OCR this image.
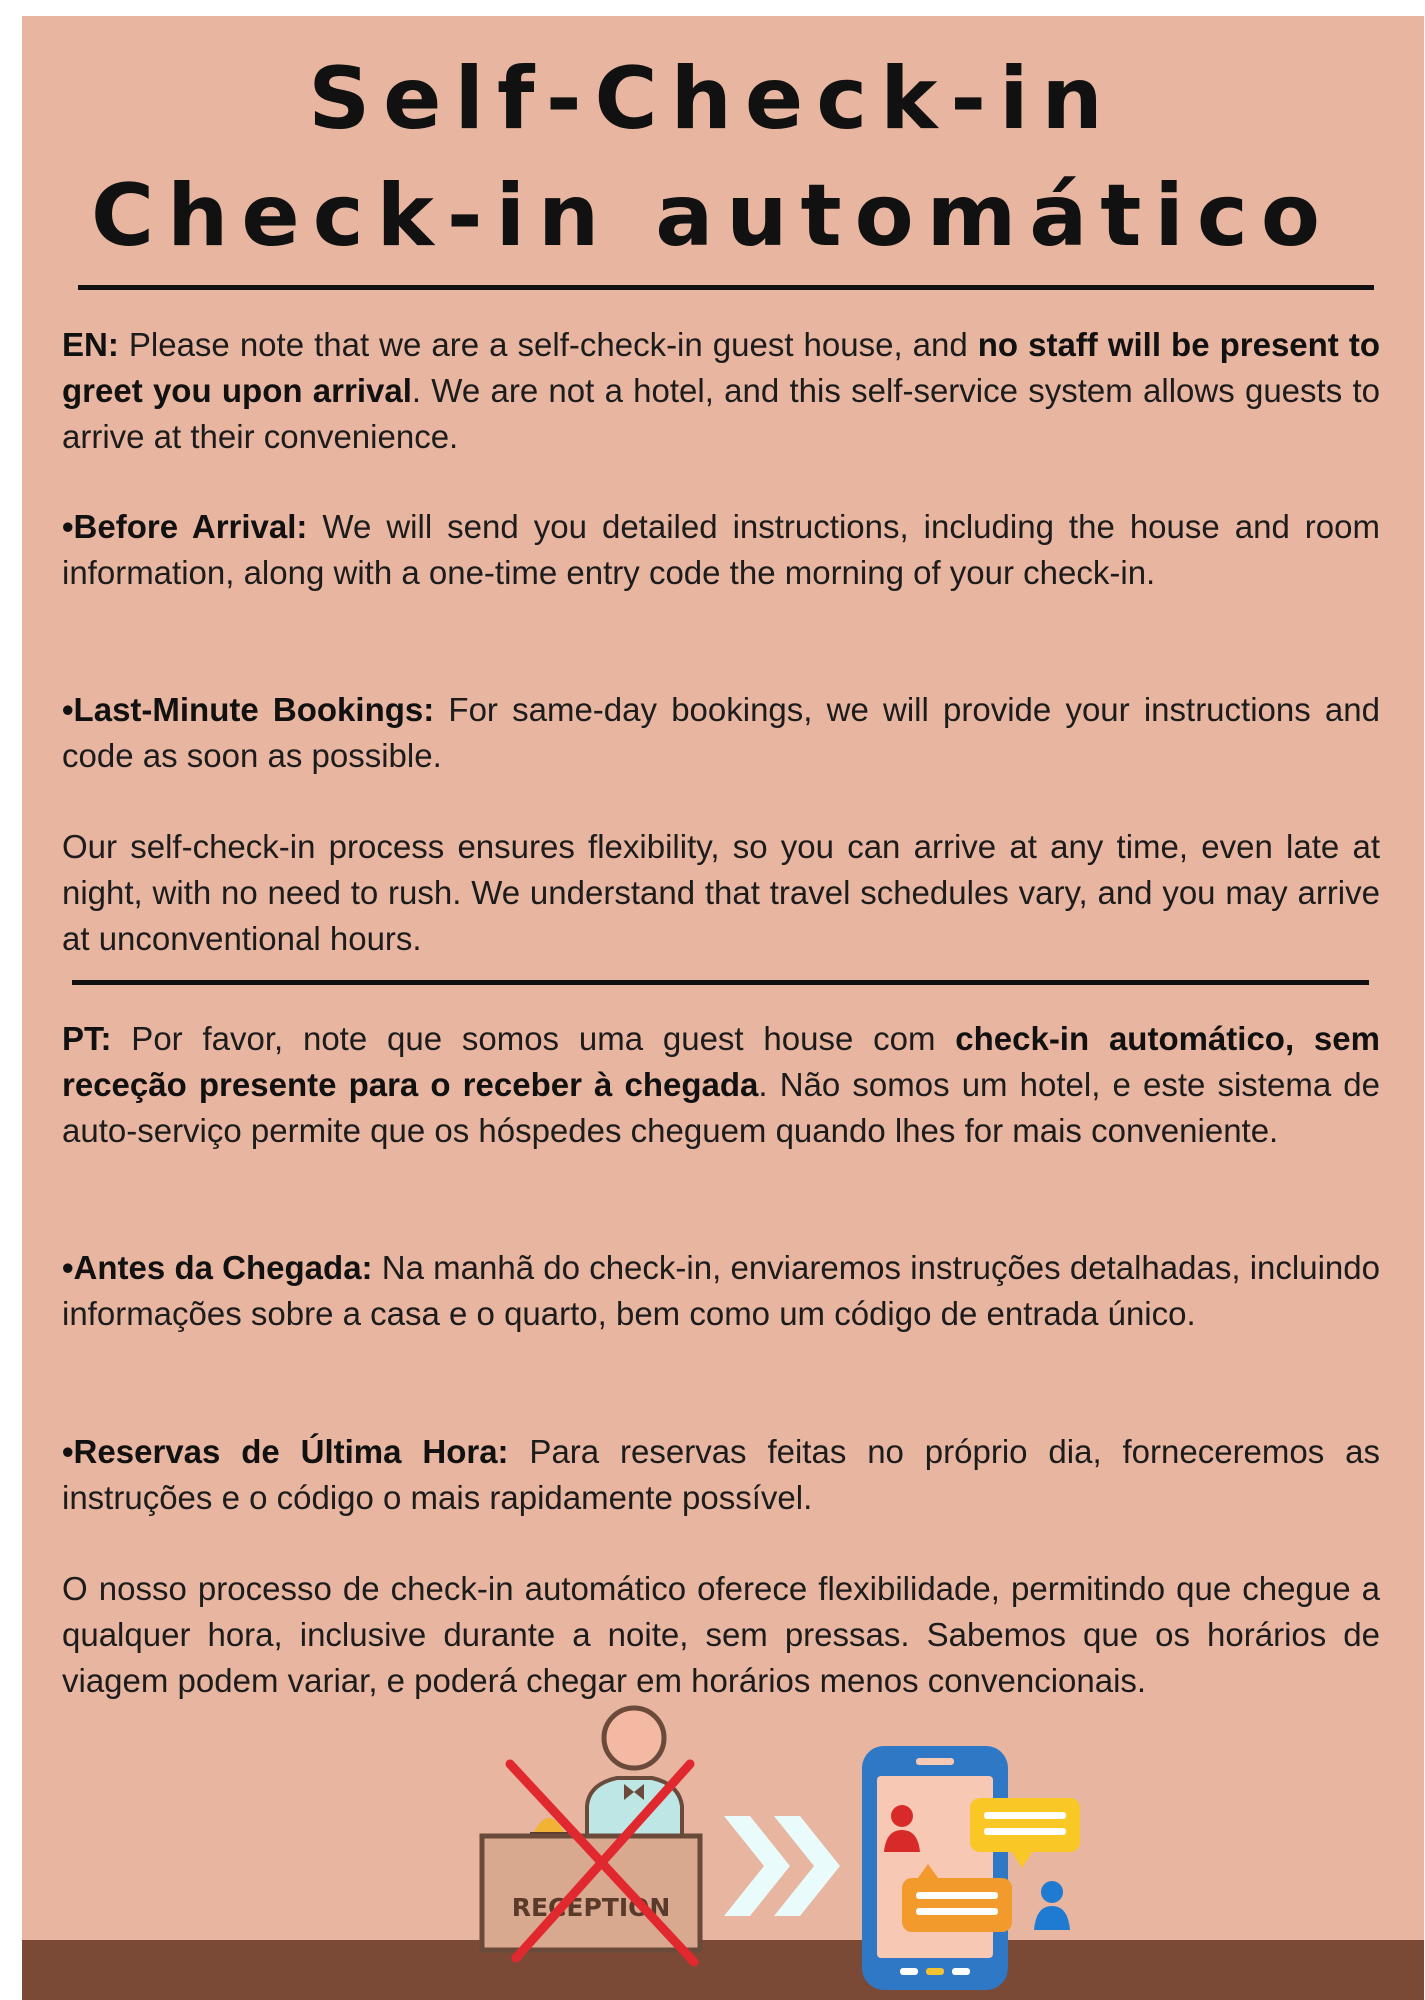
Self-Check-in
Check-in automático

EN: Please note that we are a self-check-in guest house, and no staff will be present to greet you upon arrival. We are not a hotel, and this self-service system allows guests to arrive at their convenience.

•Before Arrival: We will send you detailed instructions, including the house and room information, along with a one-time entry code the morning of your check-in.

•Last-Minute Bookings: For same-day bookings, we will provide your instructions and code as soon as possible.

Our self-check-in process ensures flexibility, so you can arrive at any time, even late at night, with no need to rush. We understand that travel schedules vary, and you may arrive at unconventional hours.

PT: Por favor, note que somos uma guest house com check-in automático, sem receção presente para o receber à chegada. Não somos um hotel, e este sistema de auto-serviço permite que os hóspedes cheguem quando lhes for mais conveniente.

•Antes da Chegada: Na manhã do check-in, enviaremos instruções detalhadas, incluindo informações sobre a casa e o quarto, bem como um código de entrada único.

•Reservas de Última Hora: Para reservas feitas no próprio dia, forneceremos as instruções e o código o mais rapidamente possível.

O nosso processo de check-in automático oferece flexibilidade, permitindo que chegue a qualquer hora, inclusive durante a noite, sem pressas. Sabemos que os horários de viagem podem variar, e poderá chegar em horários menos convencionais.

RECEPTION
